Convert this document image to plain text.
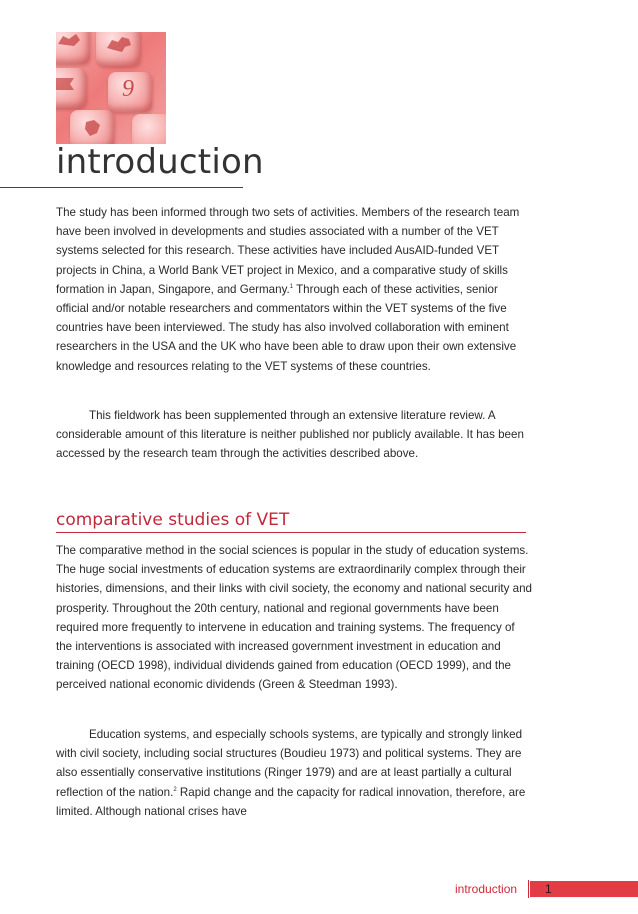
9
introduction

The study has been informed through two sets of activities. Members of the research team have been involved in developments and studies associated with a number of the VET systems selected for this research. These activities have included AusAID-funded VET projects in China, a World Bank VET project in Mexico, and a comparative study of skills formation in Japan, Singapore, and Germany.$^1$ Through each of these activities, senior official and/or notable researchers and commentators within the VET systems of the five countries have been interviewed. The study has also involved collaboration with eminent researchers in the USA and the UK who have been able to draw upon their own extensive knowledge and resources relating to the VET systems of these countries.

This fieldwork has been supplemented through an extensive literature review. A considerable amount of this literature is neither published nor publicly available. It has been accessed by the research team through the activities described above.

comparative studies of VET

The comparative method in the social sciences is popular in the study of education systems. The huge social investments of education systems are extraordinarily complex through their histories, dimensions, and their links with civil society, the economy and national security and prosperity. Throughout the 20th century, national and regional governments have been required more frequently to intervene in education and training systems. The frequency of the interventions is associated with increased government investment in education and training (OECD 1998), individual dividends gained from education (OECD 1999), and the perceived national economic dividends (Green & Steedman 1993).

Education systems, and especially schools systems, are typically and strongly linked with civil society, including social structures (Boudieu 1973) and political systems. They are also essentially conservative institutions (Ringer 1979) and are at least partially a cultural reflection of the nation.$^2$ Rapid change and the capacity for radical innovation, therefore, are limited. Although national crises have

introduction 1
